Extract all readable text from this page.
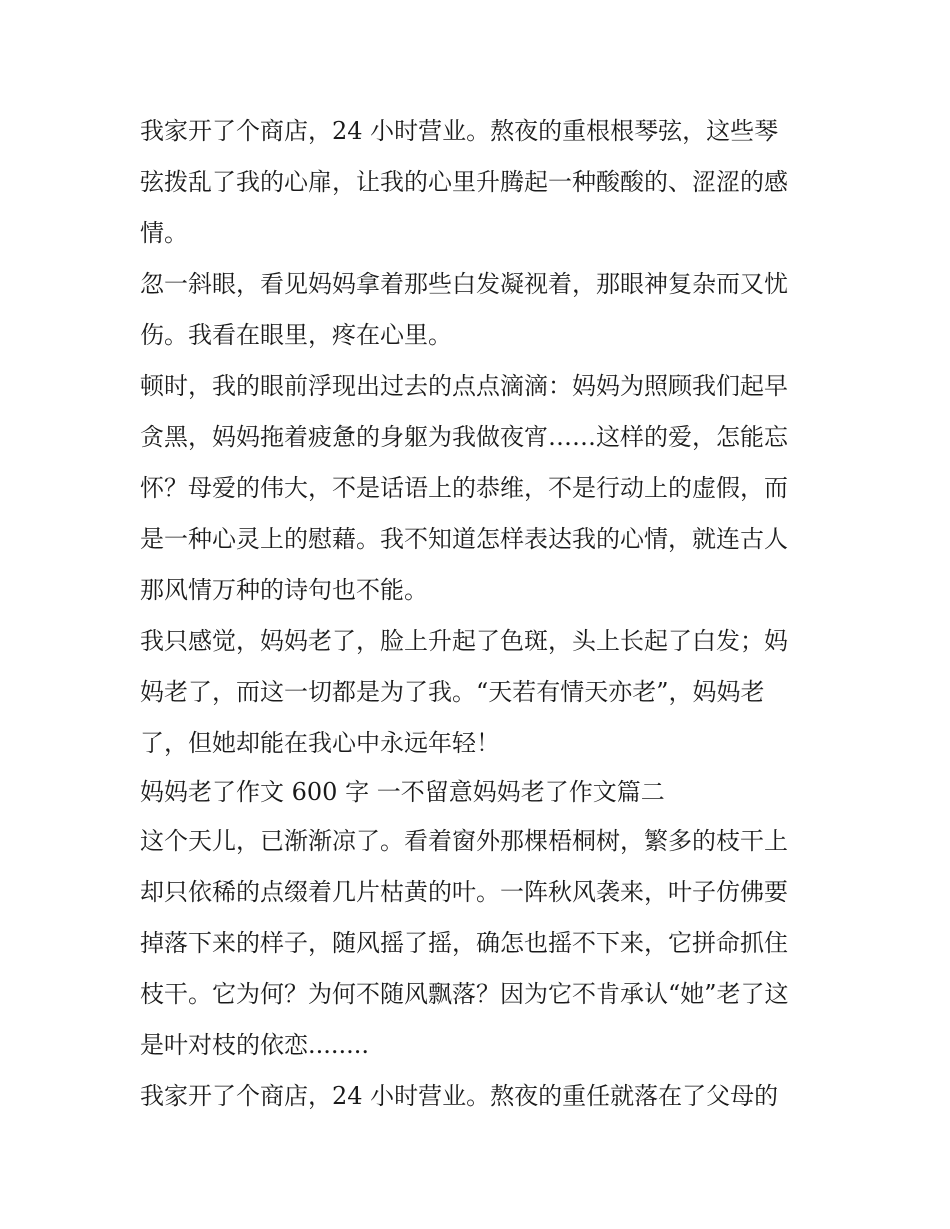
我家开了个商店，24 小时营业。熬夜的重根根琴弦，这些琴
弦拨乱了我的心扉，让我的心里升腾起一种酸酸的、涩涩的感
情。
忽一斜眼，看见妈妈拿着那些白发凝视着，那眼神复杂而又忧
伤。我看在眼里，疼在心里。
顿时，我的眼前浮现出过去的点点滴滴：妈妈为照顾我们起早
贪黑，妈妈拖着疲惫的身躯为我做夜宵……这样的爱，怎能忘
怀？母爱的伟大，不是话语上的恭维，不是行动上的虚假，而
是一种心灵上的慰藉。我不知道怎样表达我的心情，就连古人
那风情万种的诗句也不能。
我只感觉，妈妈老了，脸上升起了色斑，头上长起了白发；妈
妈老了，而这一切都是为了我。“天若有情天亦老”，妈妈老
了，但她却能在我心中永远年轻！
妈妈老了作文 600 字 一不留意妈妈老了作文篇二
这个天儿，已渐渐凉了。看着窗外那棵梧桐树，繁多的枝干上
却只依稀的点缀着几片枯黄的叶。一阵秋风袭来，叶子仿佛要
掉落下来的样子，随风摇了摇，确怎也摇不下来，它拼命抓住
枝干。它为何？为何不随风飘落？因为它不肯承认“她”老了这
是叶对枝的依恋........
我家开了个商店，24 小时营业。熬夜的重任就落在了父母的
